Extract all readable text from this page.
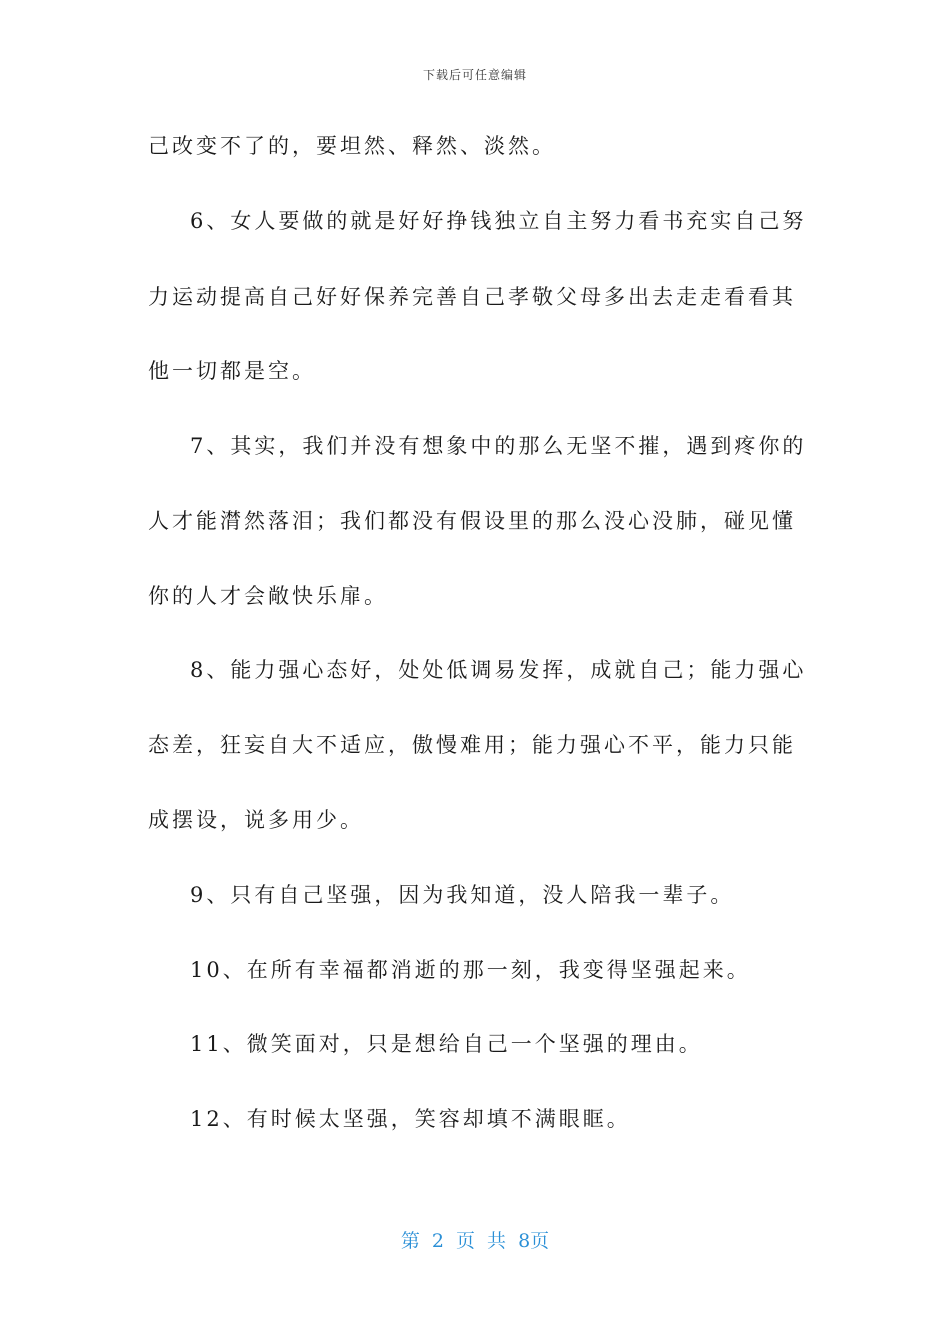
下载后可任意编辑
己改变不了的，要坦然、释然、淡然。
6、女人要做的就是好好挣钱独立自主努力看书充实自己努
力运动提高自己好好保养完善自己孝敬父母多出去走走看看其
他一切都是空。
7、其实，我们并没有想象中的那么无坚不摧，遇到疼你的
人才能潸然落泪；我们都没有假设里的那么没心没肺，碰见懂
你的人才会敞快乐扉。
8、能力强心态好，处处低调易发挥，成就自己；能力强心
态差，狂妄自大不适应，傲慢难用；能力强心不平，能力只能
成摆设，说多用少。
9、只有自己坚强，因为我知道，没人陪我一辈子。
10、在所有幸福都消逝的那一刻，我变得坚强起来。
11、微笑面对，只是想给自己一个坚强的理由。
12、有时候太坚强，笑容却填不满眼眶。
第 2 页 共 8页
